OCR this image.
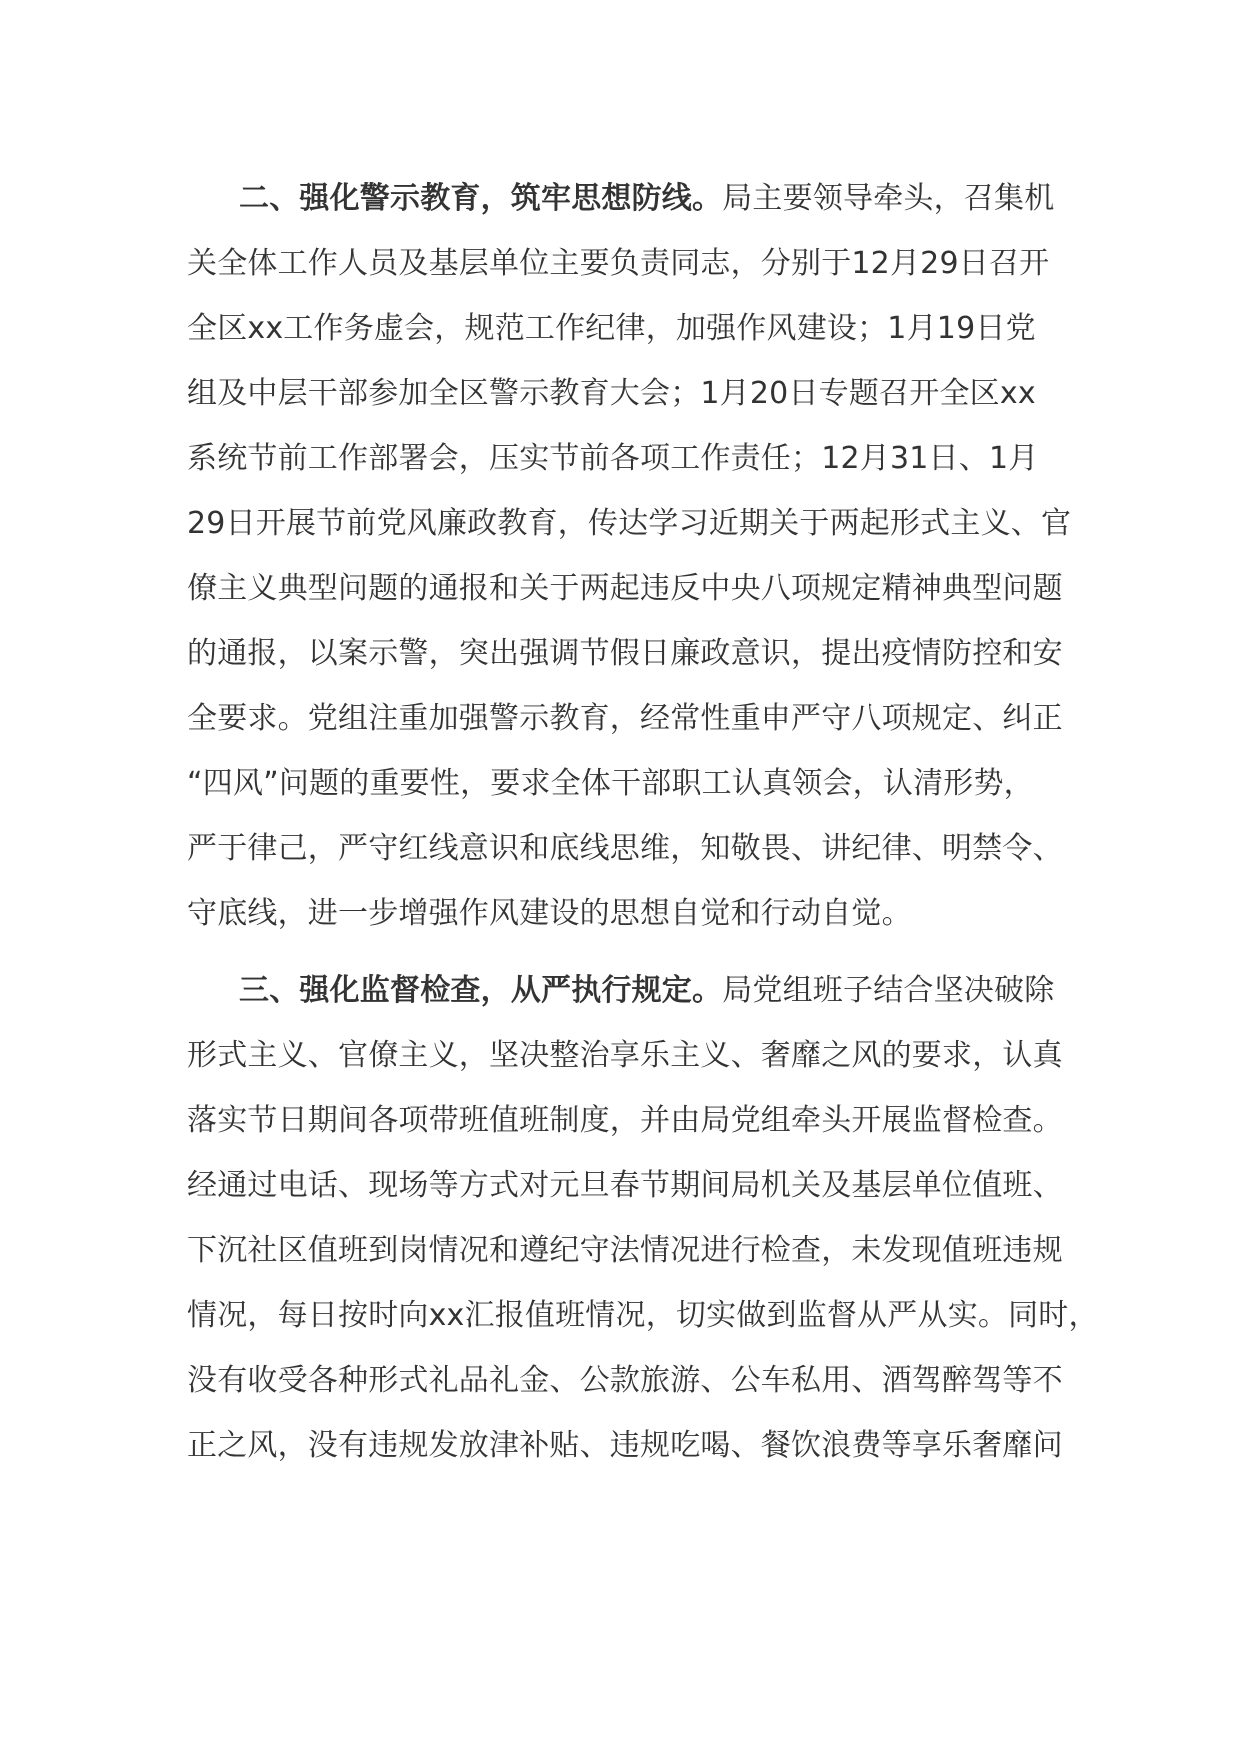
二、强化警示教育，筑牢思想防线。局主要领导牵头，召集机
关全体工作人员及基层单位主要负责同志，分别于12月29日召开
全区xx工作务虚会，规范工作纪律，加强作风建设；1月19日党
组及中层干部参加全区警示教育大会；1月20日专题召开全区xx
系统节前工作部署会，压实节前各项工作责任；12月31日、1月
29日开展节前党风廉政教育，传达学习近期关于两起形式主义、官
僚主义典型问题的通报和关于两起违反中央八项规定精神典型问题
的通报，以案示警，突出强调节假日廉政意识，提出疫情防控和安
全要求。党组注重加强警示教育，经常性重申严守八项规定、纠正
“四风”问题的重要性，要求全体干部职工认真领会，认清形势，
严于律己，严守红线意识和底线思维，知敬畏、讲纪律、明禁令、
守底线，进一步增强作风建设的思想自觉和行动自觉。
三、强化监督检查，从严执行规定。局党组班子结合坚决破除
形式主义、官僚主义，坚决整治享乐主义、奢靡之风的要求，认真
落实节日期间各项带班值班制度，并由局党组牵头开展监督检查。
经通过电话、现场等方式对元旦春节期间局机关及基层单位值班、
下沉社区值班到岗情况和遵纪守法情况进行检查，未发现值班违规
情况，每日按时向xx汇报值班情况，切实做到监督从严从实。同时，
没有收受各种形式礼品礼金、公款旅游、公车私用、酒驾醉驾等不
正之风，没有违规发放津补贴、违规吃喝、餐饮浪费等享乐奢靡问
